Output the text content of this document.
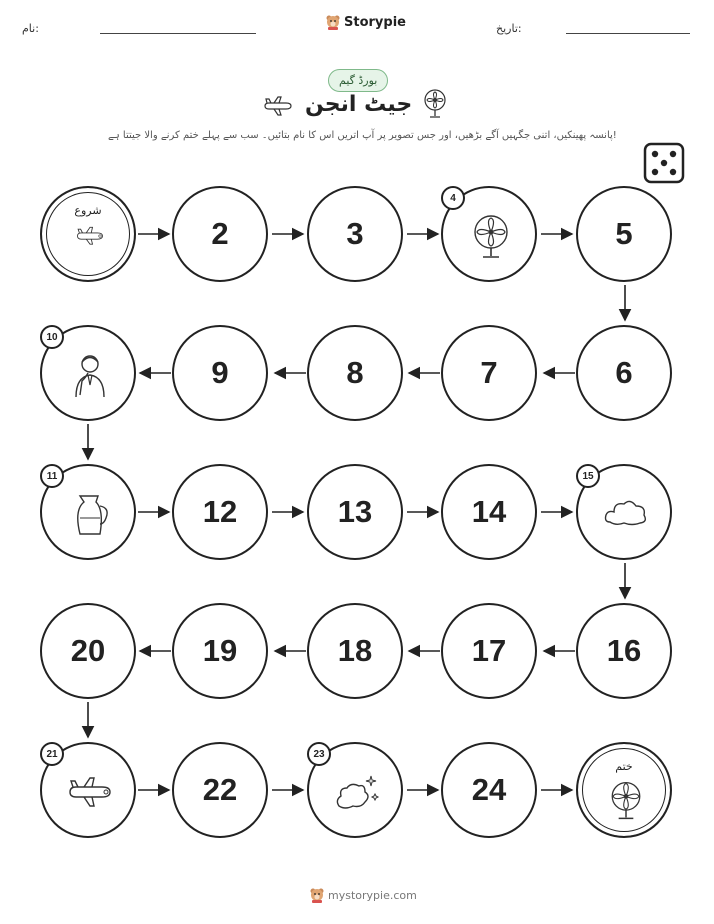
نام:	Storypie	تاریخ:
بورڈ گیم
جیٹ انجن
پانسہ پھینکیں، اتنی جگہیں آگے بڑھیں، اور جس تصویر پر آپ اتریں اس کا نام بتائیں۔ سب سے پہلے ختم کرنے والا جیتتا ہے!
شروع
2	3
4
5
6
7
8
9
10
11
12	13	14
15
16
17
18
19
20
21
22
23
24
ختم
mystorypie.com
